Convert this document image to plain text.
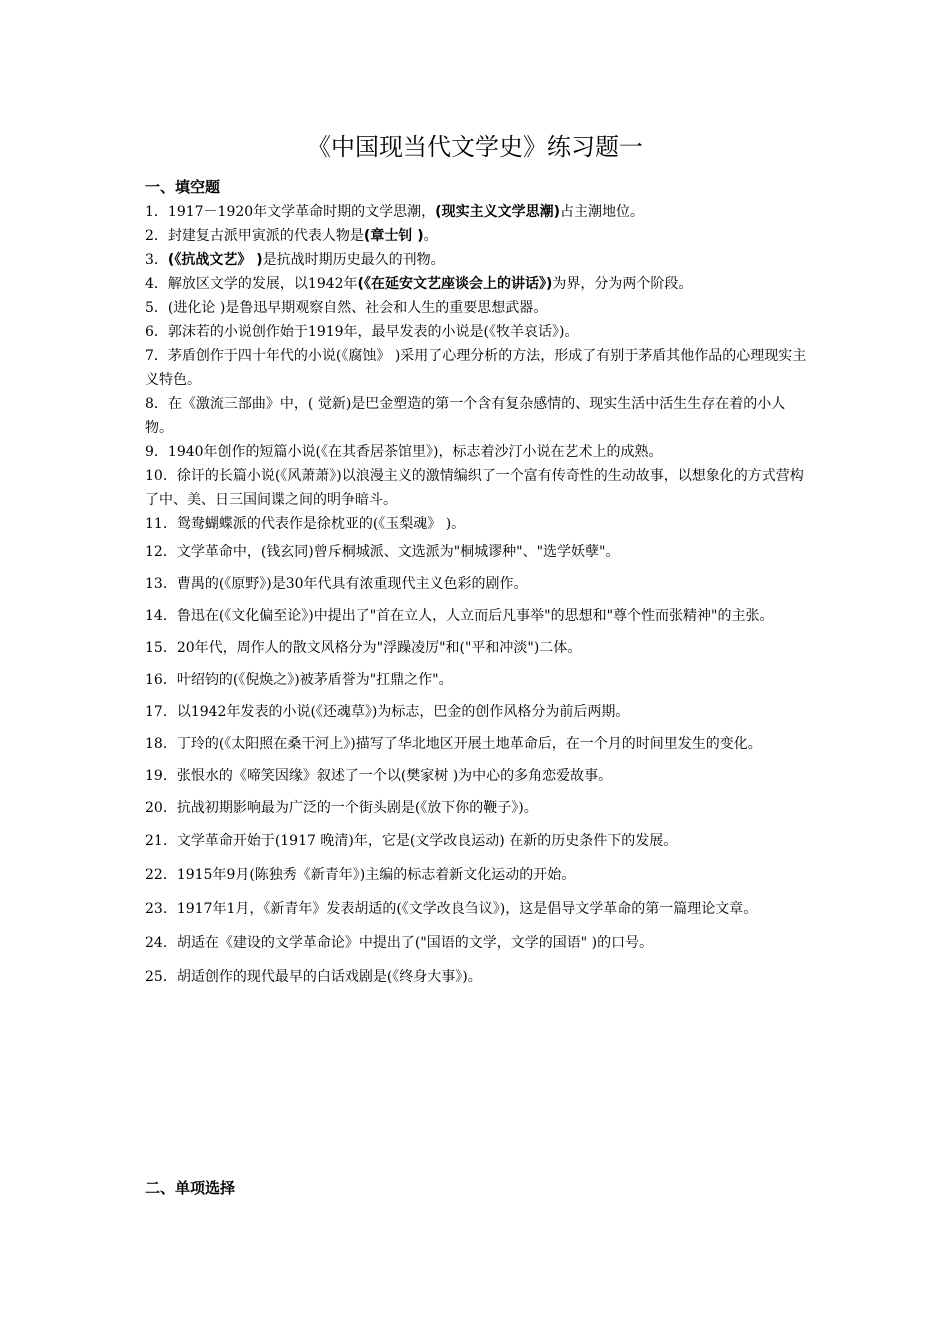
《中国现当代文学史》练习题一
一、填空题

1．1917－1920年文学革命时期的文学思潮，(现实主义文学思潮)占主潮地位。

2．封建复古派甲寅派的代表人物是(章士钊 )。

3．(《抗战文艺》 )是抗战时期历史最久的刊物。

4．解放区文学的发展，以1942年(《在延安文艺座谈会上的讲话》)为界，分为两个阶段。

5．(进化论 )是鲁迅早期观察自然、社会和人生的重要思想武器。

6．郭沫若的小说创作始于1919年，最早发表的小说是(《牧羊哀话》)。

7．茅盾创作于四十年代的小说(《腐蚀》 )采用了心理分析的方法，形成了有别于茅盾其他作品的心理现实主义特色。

8．在《激流三部曲》中，( 觉新)是巴金塑造的第一个含有复杂感情的、现实生活中活生生存在着的小人物。

9．1940年创作的短篇小说(《在其香居茶馆里》)，标志着沙汀小说在艺术上的成熟。

10．徐讦的长篇小说(《风萧萧》)以浪漫主义的激情编织了一个富有传奇性的生动故事，以想象化的方式营构了中、美、日三国间谍之间的明争暗斗。

11．鸳鸯蝴蝶派的代表作是徐枕亚的(《玉梨魂》 )。

12．文学革命中，(钱玄同)曾斥桐城派、文选派为"桐城谬种"、"选学妖孽"。

13．曹禺的(《原野》)是30年代具有浓重现代主义色彩的剧作。

14．鲁迅在(《文化偏至论》)中提出了"首在立人，人立而后凡事举"的思想和"尊个性而张精神"的主张。

15．20年代，周作人的散文风格分为"浮躁凌厉"和("平和冲淡")二体。

16．叶绍钧的(《倪焕之》)被茅盾誉为"扛鼎之作"。

17．以1942年发表的小说(《还魂草》)为标志，巴金的创作风格分为前后两期。

18．丁玲的(《太阳照在桑干河上》)描写了华北地区开展土地革命后，在一个月的时间里发生的变化。

19．张恨水的《啼笑因缘》叙述了一个以(樊家树 )为中心的多角恋爱故事。

20．抗战初期影响最为广泛的一个街头剧是(《放下你的鞭子》)。

21．文学革命开始于(1917 晚清)年，它是(文学改良运动) 在新的历史条件下的发展。

22．1915年9月(陈独秀《新青年》)主编的标志着新文化运动的开始。

23．1917年1月，《新青年》发表胡适的(《文学改良刍议》)，这是倡导文学革命的第一篇理论文章。

24．胡适在《建设的文学革命论》中提出了("国语的文学，文学的国语" )的口号。

25．胡适创作的现代最早的白话戏剧是(《终身大事》)。

二、单项选择
